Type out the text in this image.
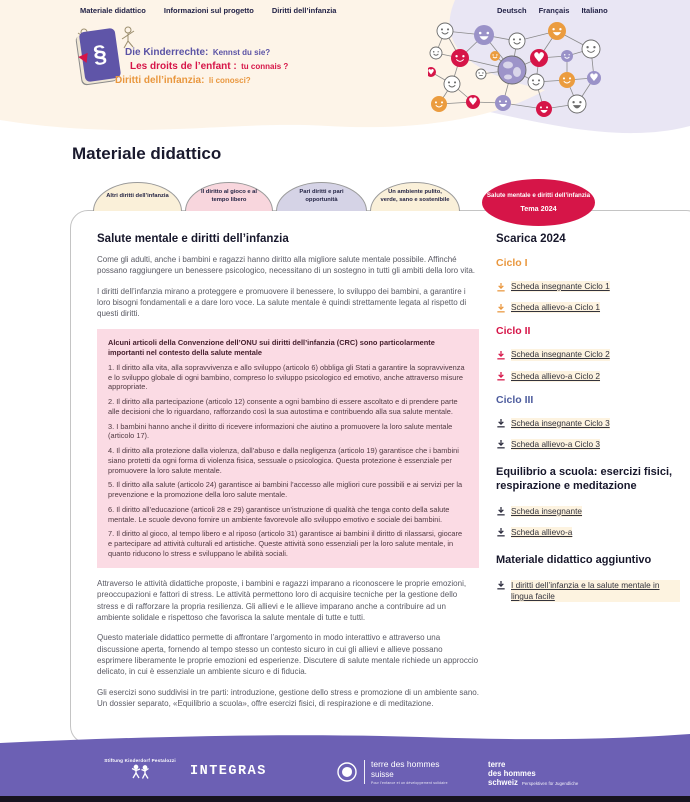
Materiale didattico Informazioni sul progetto Diritti dell’infanzia	Deutsch Français Italiano
§ Die Kinderrechte: Kennst du sie?
Les droits de l’enfant : tu connais ?
Diritti dell’infanzia: li conosci?
♥
♥	♥
♥
Materiale didattico
Altri diritti dell’infanzia
Il diritto al gioco e al tempo libero
Pari diritti e pari opportunità
Un ambiente pulito, verde, sano e sostenibile
Salute mentale e diritti dell’infanzia
Tema 2024
Salute mentale e diritti dell’infanzia

Come gli adulti, anche i bambini e ragazzi hanno diritto alla migliore salute mentale possibile. Affinché possano raggiungere un benessere psicologico, necessitano di un sostegno in tutti gli ambiti della loro vita.

I diritti dell’infanzia mirano a proteggere e promuovere il benessere, lo sviluppo dei bambini, a garantire i loro bisogni fondamentali e a dare loro voce. La salute mentale è quindi strettamente legata al rispetto di questi diritti.

Alcuni articoli della Convenzione dell’ONU sui diritti dell’infanzia (CRC) sono particolarmente importanti nel contesto della salute mentale

1. Il diritto alla vita, alla sopravvivenza e allo sviluppo (articolo 6) obbliga gli Stati a garantire la sopravvivenza e lo sviluppo globale di ogni bambino, compreso lo sviluppo psicologico ed emotivo, anche attraverso misure appropriate.

2. Il diritto alla partecipazione (articolo 12) consente a ogni bambino di essere ascoltato e di prendere parte alle decisioni che lo riguardano, rafforzando così la sua autostima e contribuendo alla sua salute mentale.

3. I bambini hanno anche il diritto di ricevere informazioni che aiutino a promuovere la loro salute mentale (articolo 17).

4. Il diritto alla protezione dalla violenza, dall’abuso e dalla negligenza (articolo 19) garantisce che i bambini siano protetti da ogni forma di violenza fisica, sessuale o psicologica. Questa protezione è essenziale per promuovere la loro salute mentale.

5. Il diritto alla salute (articolo 24) garantisce ai bambini l’accesso alle migliori cure possibili e ai servizi per la prevenzione e la promozione della loro salute mentale.

6. Il diritto all’educazione (articoli 28 e 29) garantisce un’istruzione di qualità che tenga conto della salute mentale. Le scuole devono fornire un ambiente favorevole allo sviluppo emotivo e sociale dei bambini.

7. Il diritto al gioco, al tempo libero e al riposo (articolo 31) garantisce ai bambini il diritto di rilassarsi, giocare e partecipare ad attività culturali ed artistiche. Queste attività sono essenziali per la loro salute mentale, in quanto riducono lo stress e sviluppano le abilità sociali.

Attraverso le attività didattiche proposte, i bambini e ragazzi imparano a riconoscere le proprie emozioni, preoccupazioni e fattori di stress. Le attività permettono loro di acquisire tecniche per la gestione dello stress e di rafforzare la propria resilienza. Gli allievi e le allieve imparano anche a contribuire ad un ambiente solidale e rispettoso che favorisca la salute mentale di tutte e tutti.

Questo materiale didattico permette di affrontare l’argomento in modo interattivo e attraverso una discussione aperta, fornendo al tempo stesso un contesto sicuro in cui gli allievi e allieve possano esprimere liberamente le proprie emozioni ed esperienze. Discutere di salute mentale richiede un approccio delicato, in cui è essenziale un ambiente sicuro e di fiducia.

Gli esercizi sono suddivisi in tre parti: introduzione, gestione dello stress e promozione di un ambiente sano. Un dossier separato, «Equilibrio a scuola», offre esercizi fisici, di respirazione e di meditazione.

Scarica 2024
Ciclo I
Scheda insegnante Ciclo 1
Scheda allievo-a Ciclo 1
Ciclo II
Scheda insegnante Ciclo 2
Scheda allievo-a Ciclo 2
Ciclo III
Scheda insegnante Ciclo 3
Scheda allievo-a Ciclo 3
Equilibrio a scuola: esercizi fisici, respirazione e meditazione
Scheda insegnante
Scheda allievo-a
Materiale didattico aggiuntivo
I diritti dell’infanzia e la salute mentale in lingua facile
Stiftung Kinderdorf Pestalozzi
INTEGRAS	terre des hommes
suisse
Pour l’enfance et un développement solidaire
terre
des hommes
schweiz Perspektiven für Jugendliche
